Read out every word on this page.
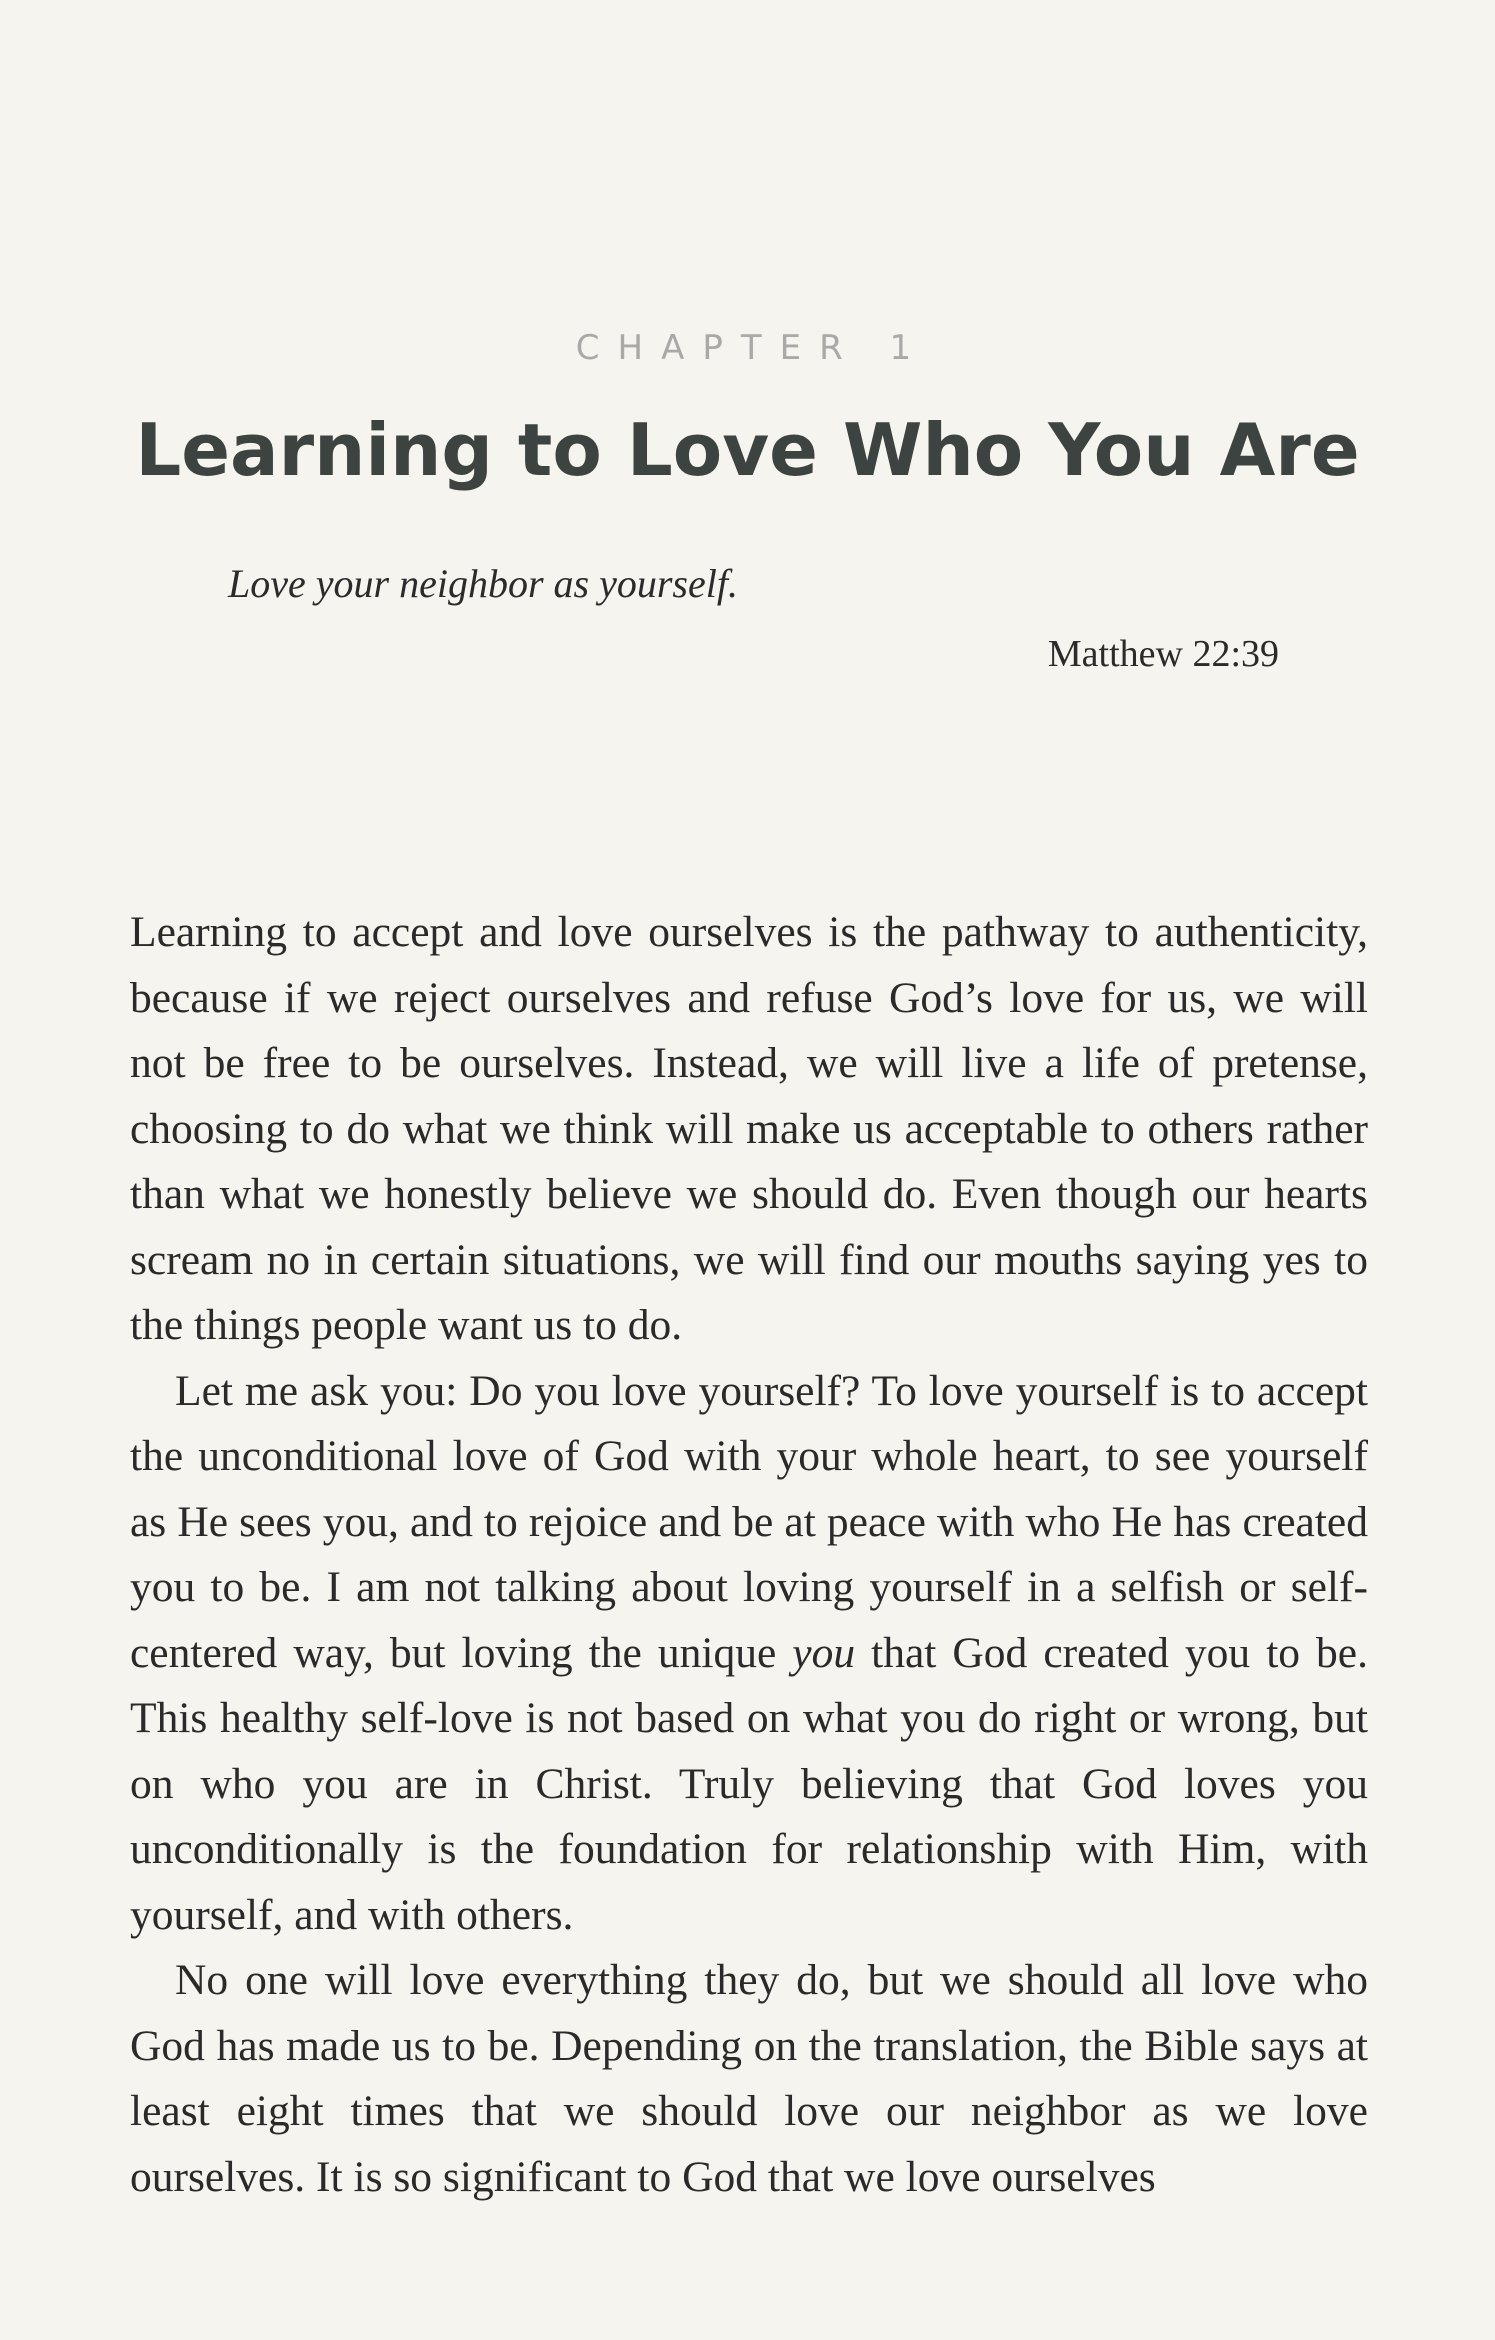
CHAPTER 1
Learning to Love Who You Are
Love your neighbor as yourself.
Matthew 22:39

Learning to accept and love ourselves is the pathway to authenticity, because if we reject ourselves and refuse God’s love for us, we will not be free to be ourselves. Instead, we will live a life of pretense, choosing to do what we think will make us acceptable to others rather than what we honestly believe we should do. Even though our hearts scream no in certain situations, we will find our mouths saying yes to the things people want us to do.

Let me ask you: Do you love yourself? To love yourself is to accept the unconditional love of God with your whole heart, to see yourself as He sees you, and to rejoice and be at peace with who He has created you to be. I am not talking about loving yourself in a selfish or self-centered way, but loving the unique you that God created you to be. This healthy self-love is not based on what you do right or wrong, but on who you are in Christ. Truly believing that God loves you unconditionally is the foundation for relationship with Him, with yourself, and with others.

No one will love everything they do, but we should all love who God has made us to be. Depending on the translation, the Bible says at least eight times that we should love our neighbor as we love ourselves. It is so significant to God that we love ourselves
